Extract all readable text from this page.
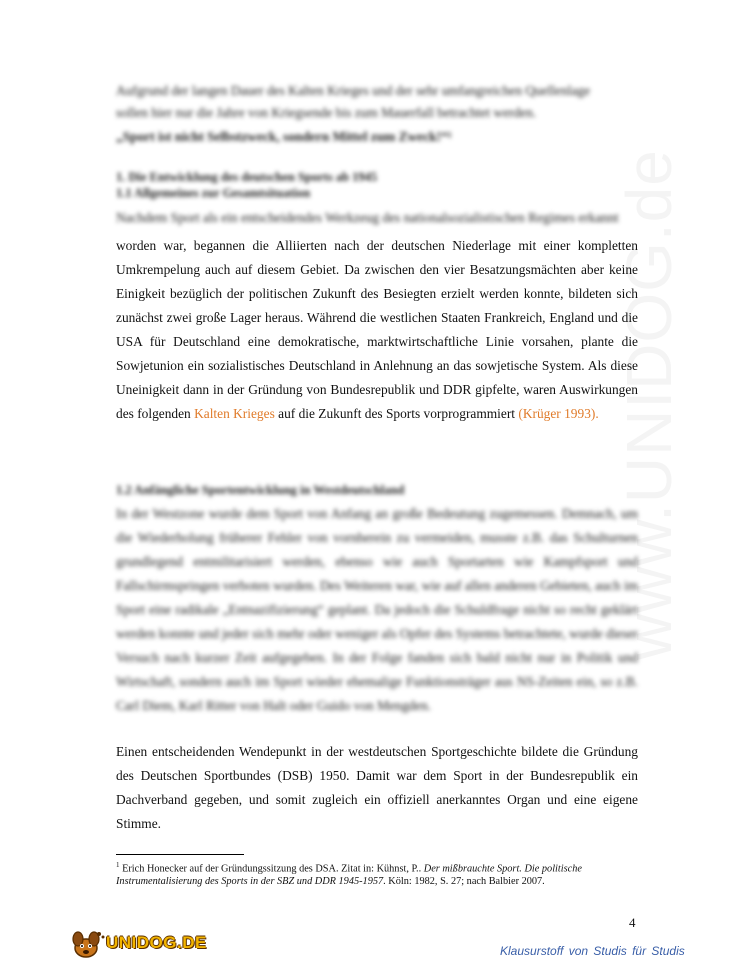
www.UNIDOG.de
Aufgrund der langen Dauer des Kalten Krieges und der sehr umfangreichen Quellenlage
sollen hier nur die Jahre von Kriegsende bis zum Mauerfall betrachtet werden.
„Sport ist nicht Selbstzweck, sondern Mittel zum Zweck!“¹
1. Die Entwicklung des deutschen Sports ab 1945
1.1 Allgemeines zur Gesamtsituation
Nachdem Sport als ein entscheidendes Werkzeug des nationalsozialistischen Regimes erkannt
worden war, begannen die Alliierten nach der deutschen Niederlage mit einer kompletten Umkrempelung auch auf diesem Gebiet. Da zwischen den vier Besatzungsmächten aber keine Einigkeit bezüglich der politischen Zukunft des Besiegten erzielt werden konnte, bildeten sich zunächst zwei große Lager heraus. Während die westlichen Staaten Frankreich, England und die USA für Deutschland eine demokratische, marktwirtschaftliche Linie vorsahen, plante die Sowjetunion ein sozialistisches Deutschland in Anlehnung an das sowjetische System. Als diese Uneinigkeit dann in der Gründung von Bundesrepublik und DDR gipfelte, waren Auswirkungen des folgenden Kalten Krieges auf die Zukunft des Sports vorprogrammiert (Krüger 1993).
1.2 Anfängliche Sportentwicklung in Westdeutschland
In der Westzone wurde dem Sport von Anfang an große Bedeutung zugemessen. Demnach, um die Wiederholung früherer Fehler von vornherein zu vermeiden, musste z.B. das Schulturnen grundlegend entmilitarisiert werden, ebenso wie auch Sportarten wie Kampfsport und Fallschirmspringen verboten wurden. Des Weiteren war, wie auf allen anderen Gebieten, auch im Sport eine radikale „Entnazifizierung“ geplant. Da jedoch die Schuldfrage nicht so recht geklärt werden konnte und jeder sich mehr oder weniger als Opfer des Systems betrachtete, wurde dieser Versuch nach kurzer Zeit aufgegeben. In der Folge fanden sich bald nicht nur in Politik und Wirtschaft, sondern auch im Sport wieder ehemalige Funktionsträger aus NS-Zeiten ein, so z.B. Carl Diem, Karl Ritter von Halt oder Guido von Mengden.
Einen entscheidenden Wendepunkt in der westdeutschen Sportgeschichte bildete die Gründung des Deutschen Sportbundes (DSB) 1950. Damit war dem Sport in der Bundesrepublik ein Dachverband gegeben, und somit zugleich ein offiziell anerkanntes Organ und eine eigene Stimme.
$^1$ Erich Honecker auf der Gründungssitzung des DSA. Zitat in: Kühnst, P.. Der mißbrauchte Sport. Die politische Instrumentalisierung des Sports in der SBZ und DDR 1945-1957. Köln: 1982, S. 27; nach Balbier 2007.
4
UNIDOG.DE	Klausurstoff von Studis für Studis
